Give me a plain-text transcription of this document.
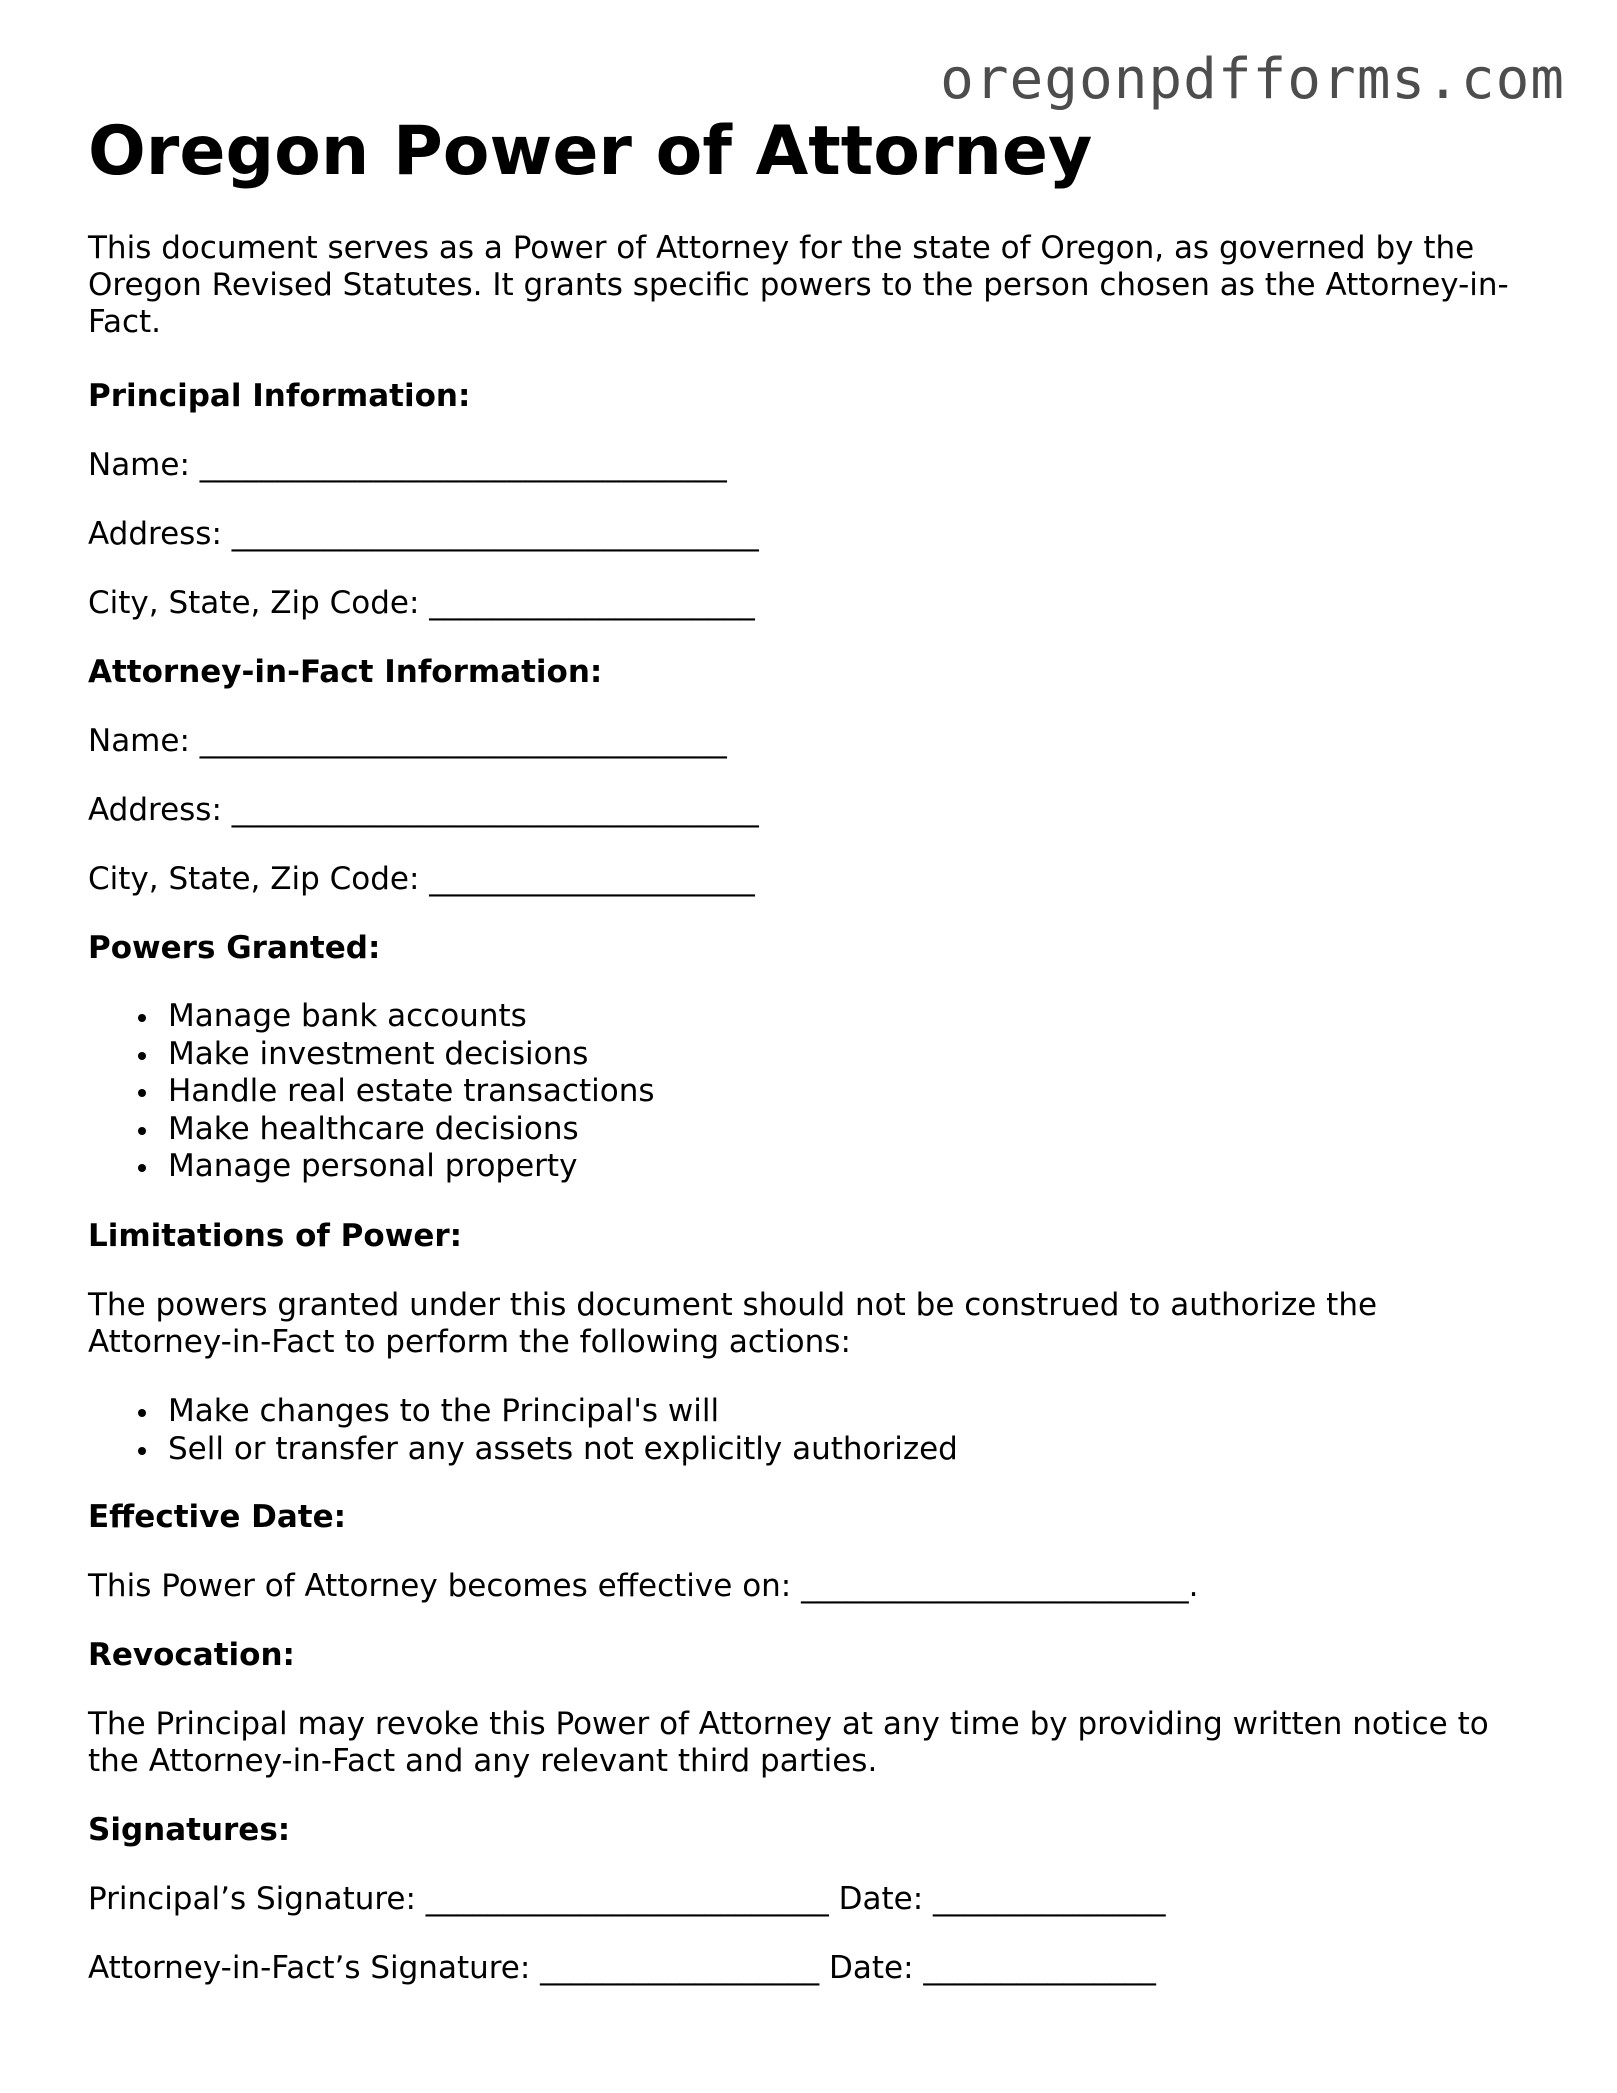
oregonpdfforms.com
Oregon Power of Attorney

This document serves as a Power of Attorney for the state of Oregon, as governed by the Oregon Revised Statutes. It grants specific powers to the person chosen as the Attorney-in-Fact.

Principal Information:
Name: __________________________________
Address: __________________________________
City, State, Zip Code: _____________________
Attorney-in-Fact Information:
Name: __________________________________
Address: __________________________________
City, State, Zip Code: _____________________
Powers Granted:
Manage bank accounts
Make investment decisions
Handle real estate transactions
Make healthcare decisions
Manage personal property
Limitations of Power:

The powers granted under this document should not be construed to authorize the Attorney-in-Fact to perform the following actions:

Make changes to the Principal's will
Sell or transfer any assets not explicitly authorized
Effective Date:
This Power of Attorney becomes effective on: _________________________.
Revocation:

The Principal may revoke this Power of Attorney at any time by providing written notice to the Attorney-in-Fact and any relevant third parties.

Signatures:
Principal’s Signature: __________________________ Date: _______________
Attorney-in-Fact’s Signature: __________________ Date: _______________
